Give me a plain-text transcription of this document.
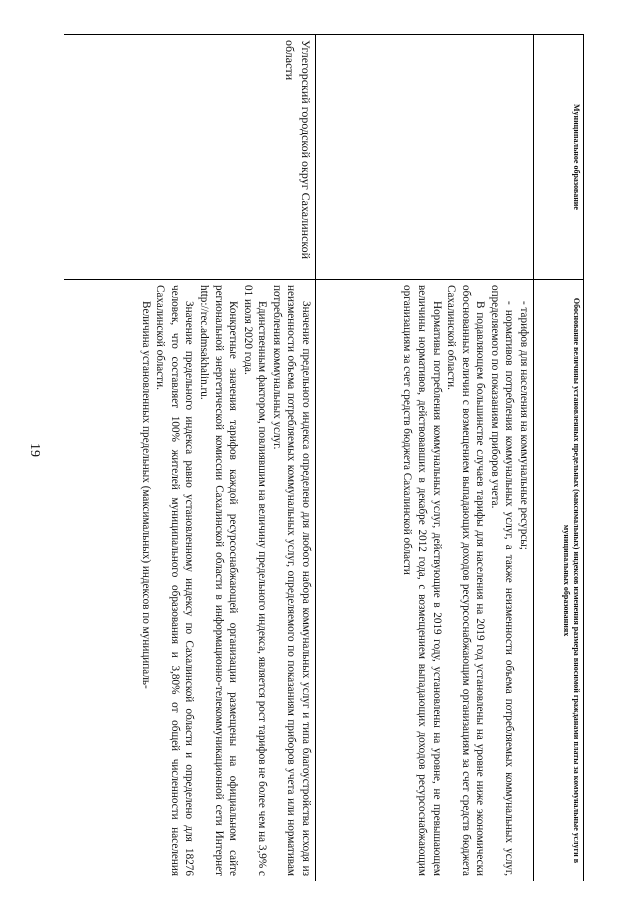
19
Муниципальное образование	Обоснование величины установленных предельных (максимальных) индексов изменения размера вносимой гражданами платы за коммунальные услуги в муниципальных образованиях

	- тарифов для населения на коммунальные ресурсы;

- нормативов потребления коммунальных услуг, а также неизменности объема потребляемых коммунальных услуг, определяемого по показаниям приборов учета.

В подавляющем большинстве случаев тарифы для населения на 2019 год установлены на уровне ниже экономически обоснованных величин с возмещением выпадающих доходов ресурсоснабжающим организациям за счет средств бюджета Сахалинской области.

Нормативы потребления коммунальных услуг, действующие в 2019 году, установлены на уровне, не превышающем величины нормативов, действовавших в декабре 2012 года, с возмещением выпадающих доходов ресурсоснабжающим организациям за счет средств бюджета Сахалинской области

Углегорский городской округ Сахалинской области	Значение предельного индекса определено для любого набора коммунальных услуг и типа благоустройства исходя из неизменности объема потребляемых коммунальных услуг, определяемого по показаниям приборов учета или нормативам потребления коммунальных услуг.

Единственным фактором, повлиявшим на величину предельного индекса, является рост тарифов не более чем на 3,9% с 01 июля 2020 года.

Конкретные значения тарифов каждой ресурсоснабжающей организации размещены на официальном сайте региональной энергетической комиссии Сахалинской области в информационно-телекоммуникационной сети Интернет http://rec.admsakhalin.ru.

Значение предельного индекса равно установленному индексу по Сахалинской области и определено для 18276 человек, что составляет 100% жителей муниципального образования и 3,80% от общей численности населения Сахалинской области.

Величина установленных предельных (максимальных) индексов по муниципаль-
